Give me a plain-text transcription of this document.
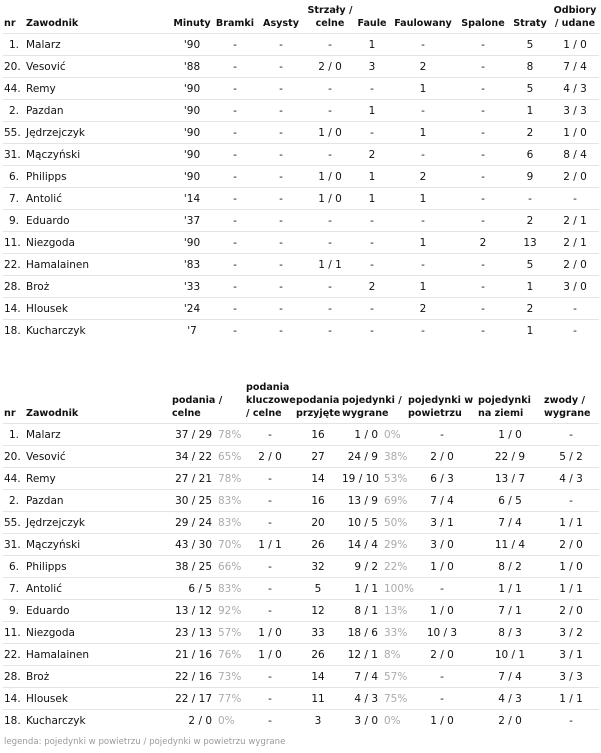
nr	Zawodnik	Minuty	Bramki	Asysty	Strzały / celne	Faule	Faulowany	Spalone	Straty	Odbiory / udane
1.	Malarz	'90	-	-	-	1	-	-	5	1 / 0
20.	Vesović	'88	-	-	2 / 0	3	2	-	8	7 / 4
44.	Remy	'90	-	-	-	-	1	-	5	4 / 3
2.	Pazdan	'90	-	-	-	1	-	-	1	3 / 3
55.	Jędrzejczyk	'90	-	-	1 / 0	-	1	-	2	1 / 0
31.	Mączyński	'90	-	-	-	2	-	-	6	8 / 4
6.	Philipps	'90	-	-	1 / 0	1	2	-	9	2 / 0
7.	Antolić	'14	-	-	1 / 0	1	1	-	-	-
9.	Eduardo	'37	-	-	-	-	-	-	2	2 / 1
11.	Niezgoda	'90	-	-	-	-	1	2	13	2 / 1
22.	Hamalainen	'83	-	-	1 / 1	-	-	-	5	2 / 0
28.	Broż	'33	-	-	-	2	1	-	1	3 / 0
14.	Hlousek	'24	-	-	-	-	2	-	2	-
18.	Kucharczyk	'7	-	-	-	-	-	-	1	-
nr	Zawodnik	podania / celne		podania kluczowe / celne	podania przyjęte	pojedynki / wygrane		pojedynki w powietrzu	pojedynki na ziemi	zwody / wygrane
1.	Malarz	37 / 29	78%	-	16	1 / 0	0%	-	1 / 0	-
20.	Vesović	34 / 22	65%	2 / 0	27	24 / 9	38%	2 / 0	22 / 9	5 / 2
44.	Remy	27 / 21	78%	-	14	19 / 10	53%	6 / 3	13 / 7	4 / 3
2.	Pazdan	30 / 25	83%	-	16	13 / 9	69%	7 / 4	6 / 5	-
55.	Jędrzejczyk	29 / 24	83%	-	20	10 / 5	50%	3 / 1	7 / 4	1 / 1
31.	Mączyński	43 / 30	70%	1 / 1	26	14 / 4	29%	3 / 0	11 / 4	2 / 0
6.	Philipps	38 / 25	66%	-	32	9 / 2	22%	1 / 0	8 / 2	1 / 0
7.	Antolić	6 / 5	83%	-	5	1 / 1	100%	-	1 / 1	1 / 1
9.	Eduardo	13 / 12	92%	-	12	8 / 1	13%	1 / 0	7 / 1	2 / 0
11.	Niezgoda	23 / 13	57%	1 / 0	33	18 / 6	33%	10 / 3	8 / 3	3 / 2
22.	Hamalainen	21 / 16	76%	1 / 0	26	12 / 1	8%	2 / 0	10 / 1	3 / 1
28.	Broż	22 / 16	73%	-	14	7 / 4	57%	-	7 / 4	3 / 3
14.	Hlousek	22 / 17	77%	-	11	4 / 3	75%	-	4 / 3	1 / 1
18.	Kucharczyk	2 / 0	0%	-	3	3 / 0	0%	1 / 0	2 / 0	-
legenda: pojedynki w powietrzu / pojedynki w powietrzu wygrane
